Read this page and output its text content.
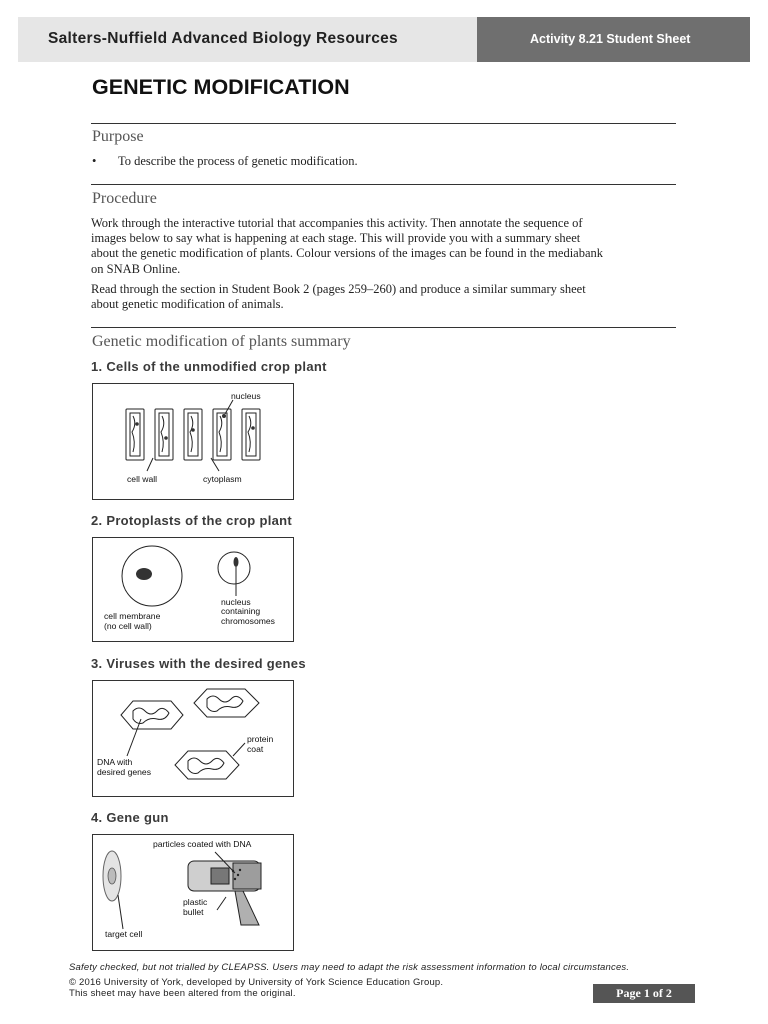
Salters-Nuffield Advanced Biology Resources	Activity 8.21 Student Sheet
GENETIC MODIFICATION
Purpose
• To describe the process of genetic modification.
Procedure
Work through the interactive tutorial that accompanies this activity. Then annotate the sequence of
images below to say what is happening at each stage. This will provide you with a summary sheet
about the genetic modification of plants. Colour versions of the images can be found in the mediabank
on SNAB Online.
Read through the section in Student Book 2 (pages 259–260) and produce a similar summary sheet
about genetic modification of animals.
Genetic modification of plants summary
1. Cells of the unmodified crop plant
nucleus
cell wall	cytoplasm
2. Protoplasts of the crop plant
cell membrane
(no cell wall)
nucleus
containing
chromosomes
3. Viruses with the desired genes
DNA with
desired genes
protein
coat
4. Gene gun
particles coated with DNA
plastic
bullet
target cell
Safety checked, but not trialled by CLEAPSS. Users may need to adapt the risk assessment information to local circumstances.
© 2016 University of York, developed by University of York Science Education Group.
This sheet may have been altered from the original.	Page 1 of 2
